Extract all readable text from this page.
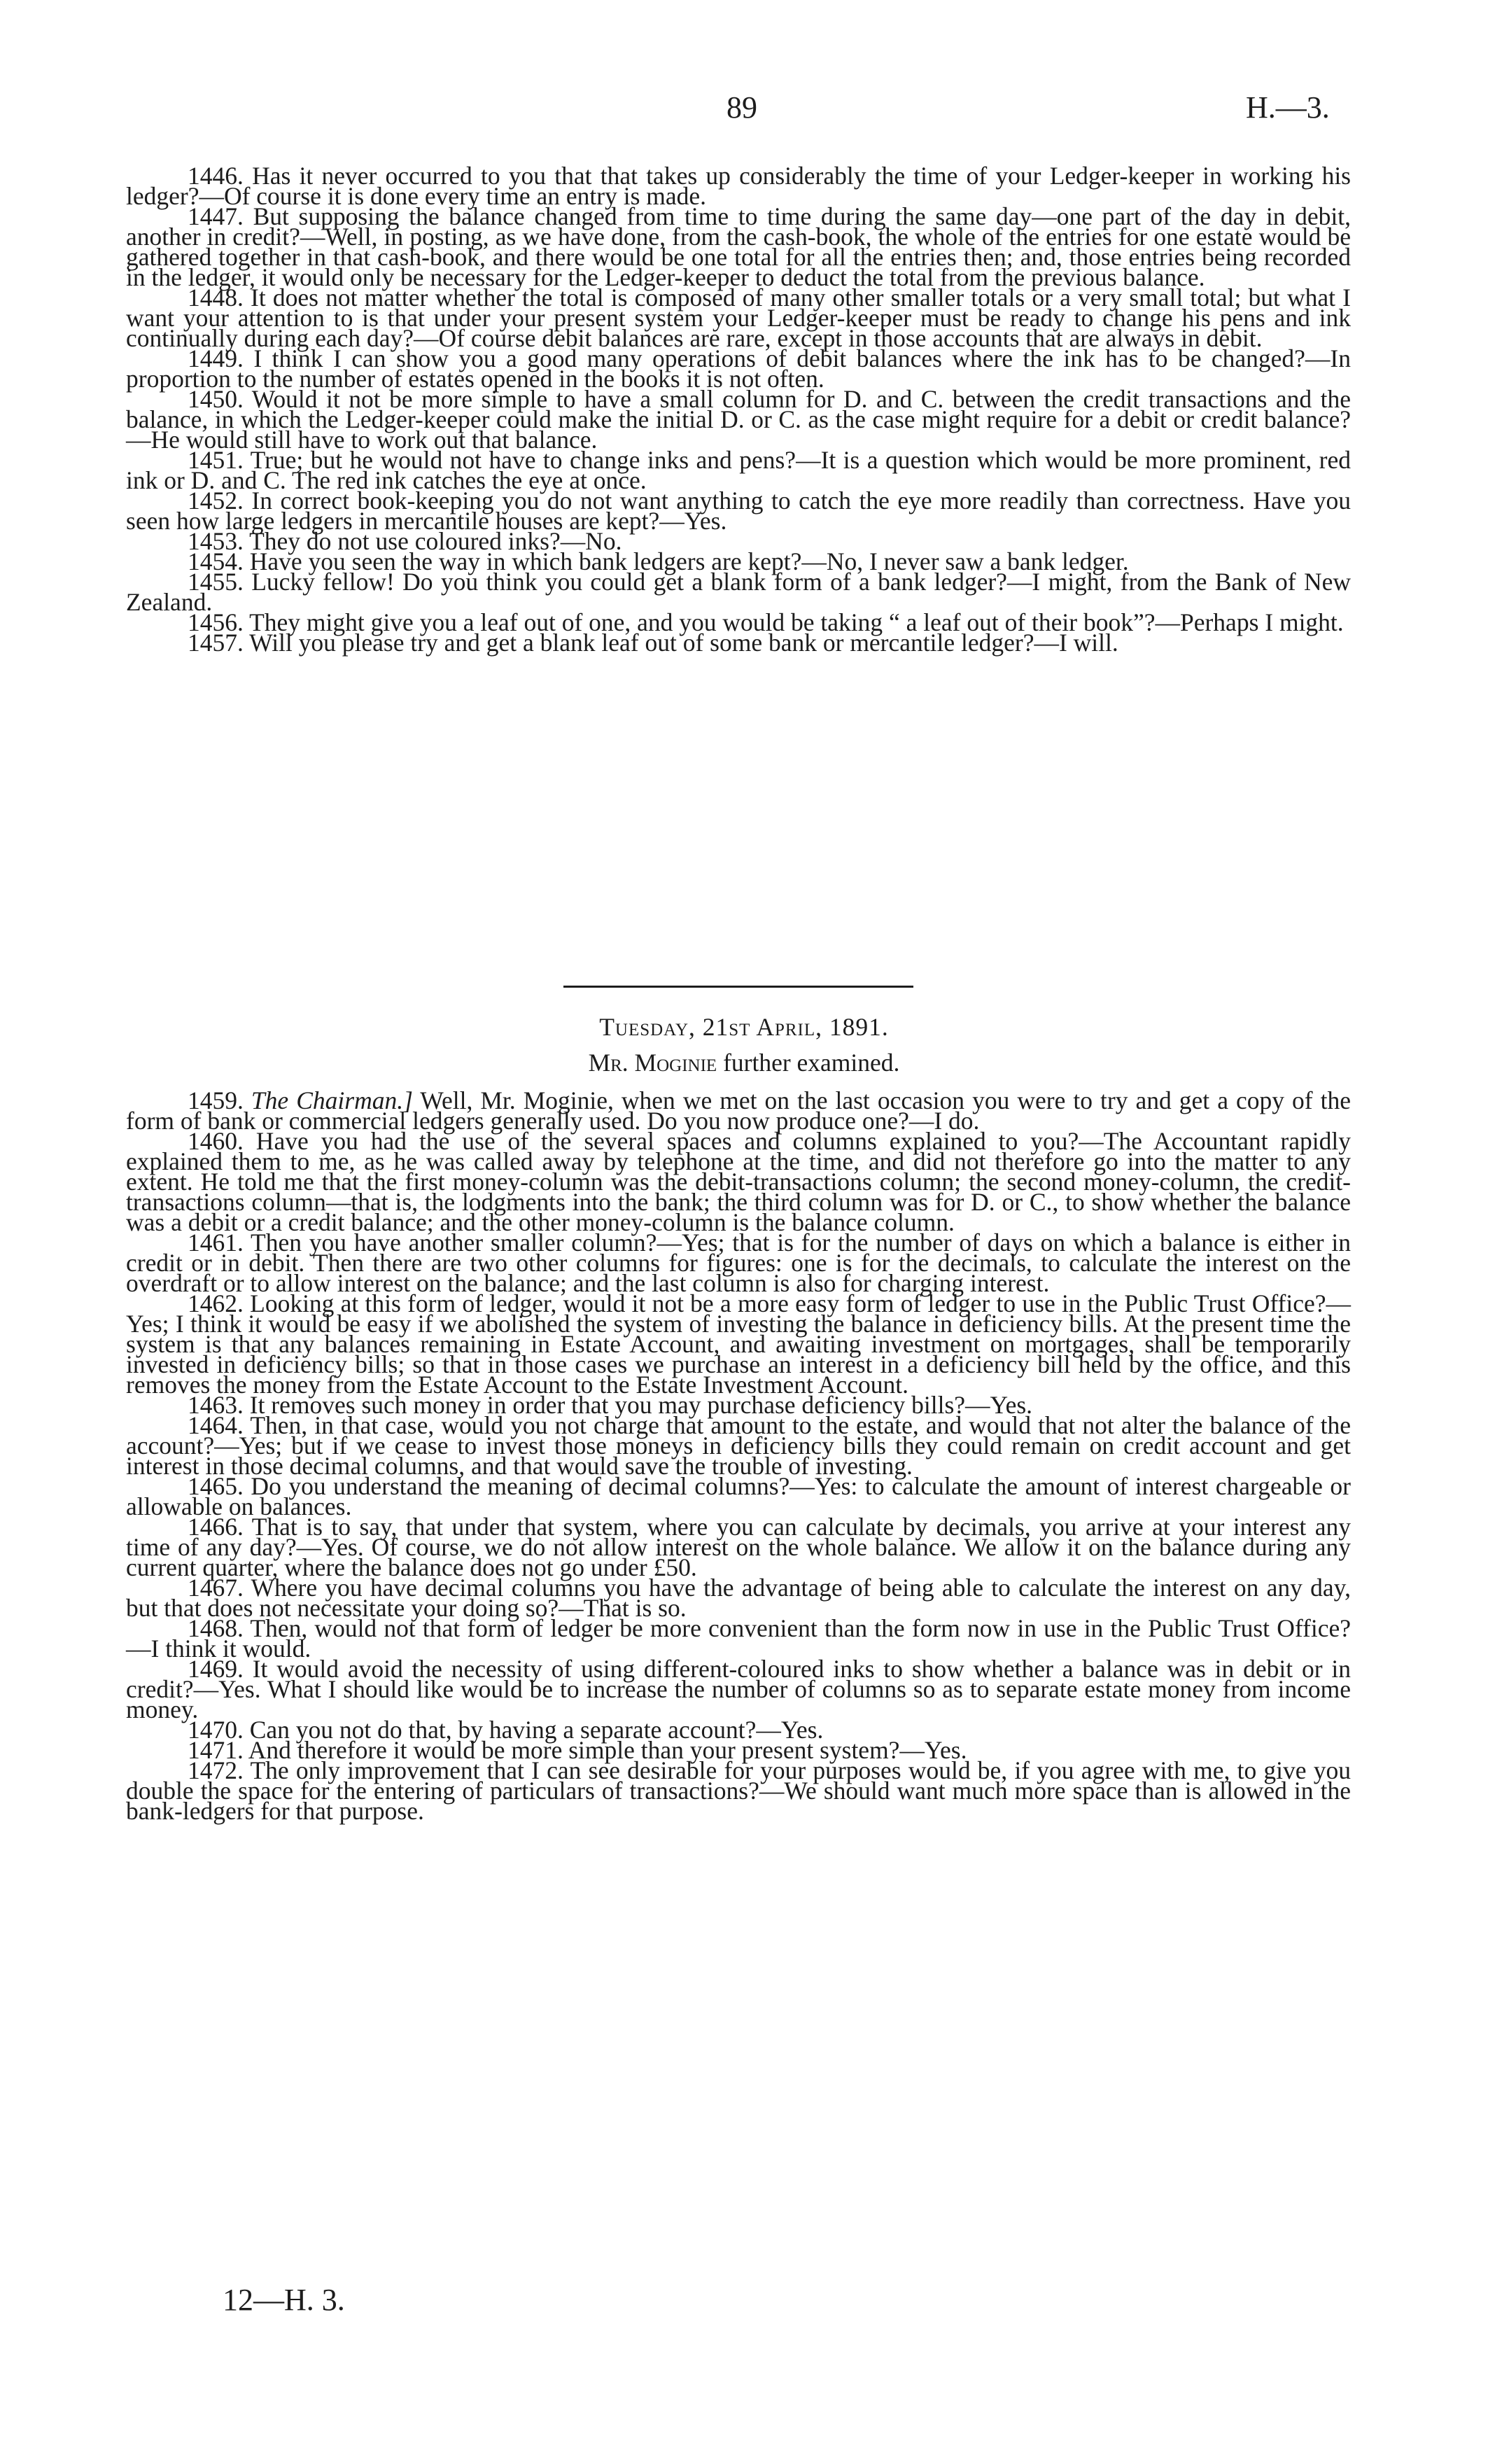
89	H.—3.

1446. Has it never occurred to you that that takes up considerably the time of your Ledger-keeper in working his ledger?—Of course it is done every time an entry is made.

1447. But supposing the balance changed from time to time during the same day—one part of the day in debit, another in credit?—Well, in posting, as we have done, from the cash-book, the whole of the entries for one estate would be gathered together in that cash-book, and there would be one total for all the entries then; and, those entries being recorded in the ledger, it would only be necessary for the Ledger-keeper to deduct the total from the previous balance.

1448. It does not matter whether the total is composed of many other smaller totals or a very small total; but what I want your attention to is that under your present system your Ledger-keeper must be ready to change his pens and ink continually during each day?—Of course debit balances are rare, except in those accounts that are always in debit.

1449. I think I can show you a good many operations of debit balances where the ink has to be changed?—In proportion to the number of estates opened in the books it is not often.

1450. Would it not be more simple to have a small column for D. and C. between the credit transactions and the balance, in which the Ledger-keeper could make the initial D. or C. as the case might require for a debit or credit balance?—He would still have to work out that balance.

1451. True; but he would not have to change inks and pens?—It is a question which would be more prominent, red ink or D. and C. The red ink catches the eye at once.

1452. In correct book-keeping you do not want anything to catch the eye more readily than correctness. Have you seen how large ledgers in mercantile houses are kept?—Yes.

1453. They do not use coloured inks?—No.

1454. Have you seen the way in which bank ledgers are kept?—No, I never saw a bank ledger.

1455. Lucky fellow! Do you think you could get a blank form of a bank ledger?—I might, from the Bank of New Zealand.

1456. They might give you a leaf out of one, and you would be taking “ a leaf out of their book”?—Perhaps I might.

1457. Will you please try and get a blank leaf out of some bank or mercantile ledger?—I will.

Tuesday, 21st April, 1891.
Mr. Moginie further examined.

1459. The Chairman.] Well, Mr. Moginie, when we met on the last occasion you were to try and get a copy of the form of bank or commercial ledgers generally used. Do you now produce one?—I do.

1460. Have you had the use of the several spaces and columns explained to you?—The Accountant rapidly explained them to me, as he was called away by telephone at the time, and did not therefore go into the matter to any extent. He told me that the first money-column was the debit-transactions column; the second money-column, the credit-transactions column—that is, the lodgments into the bank; the third column was for D. or C., to show whether the balance was a debit or a credit balance; and the other money-column is the balance column.

1461. Then you have another smaller column?—Yes; that is for the number of days on which a balance is either in credit or in debit. Then there are two other columns for figures: one is for the decimals, to calculate the interest on the overdraft or to allow interest on the balance; and the last column is also for charging interest.

1462. Looking at this form of ledger, would it not be a more easy form of ledger to use in the Public Trust Office?—Yes; I think it would be easy if we abolished the system of investing the balance in deficiency bills. At the present time the system is that any balances remaining in Estate Account, and awaiting investment on mortgages, shall be temporarily invested in deficiency bills; so that in those cases we purchase an interest in a deficiency bill held by the office, and this removes the money from the Estate Account to the Estate Investment Account.

1463. It removes such money in order that you may purchase deficiency bills?—Yes.

1464. Then, in that case, would you not charge that amount to the estate, and would that not alter the balance of the account?—Yes; but if we cease to invest those moneys in deficiency bills they could remain on credit account and get interest in those decimal columns, and that would save the trouble of investing.

1465. Do you understand the meaning of decimal columns?—Yes: to calculate the amount of interest chargeable or allowable on balances.

1466. That is to say, that under that system, where you can calculate by decimals, you arrive at your interest any time of any day?—Yes. Of course, we do not allow interest on the whole balance. We allow it on the balance during any current quarter, where the balance does not go under £50.

1467. Where you have decimal columns you have the advantage of being able to calculate the interest on any day, but that does not necessitate your doing so?—That is so.

1468. Then, would not that form of ledger be more convenient than the form now in use in the Public Trust Office?—I think it would.

1469. It would avoid the necessity of using different-coloured inks to show whether a balance was in debit or in credit?—Yes. What I should like would be to increase the number of columns so as to separate estate money from income money.

1470. Can you not do that, by having a separate account?—Yes.

1471. And therefore it would be more simple than your present system?—Yes.

1472. The only improvement that I can see desirable for your purposes would be, if you agree with me, to give you double the space for the entering of particulars of transactions?—We should want much more space than is allowed in the bank-ledgers for that purpose.

12—H. 3.
